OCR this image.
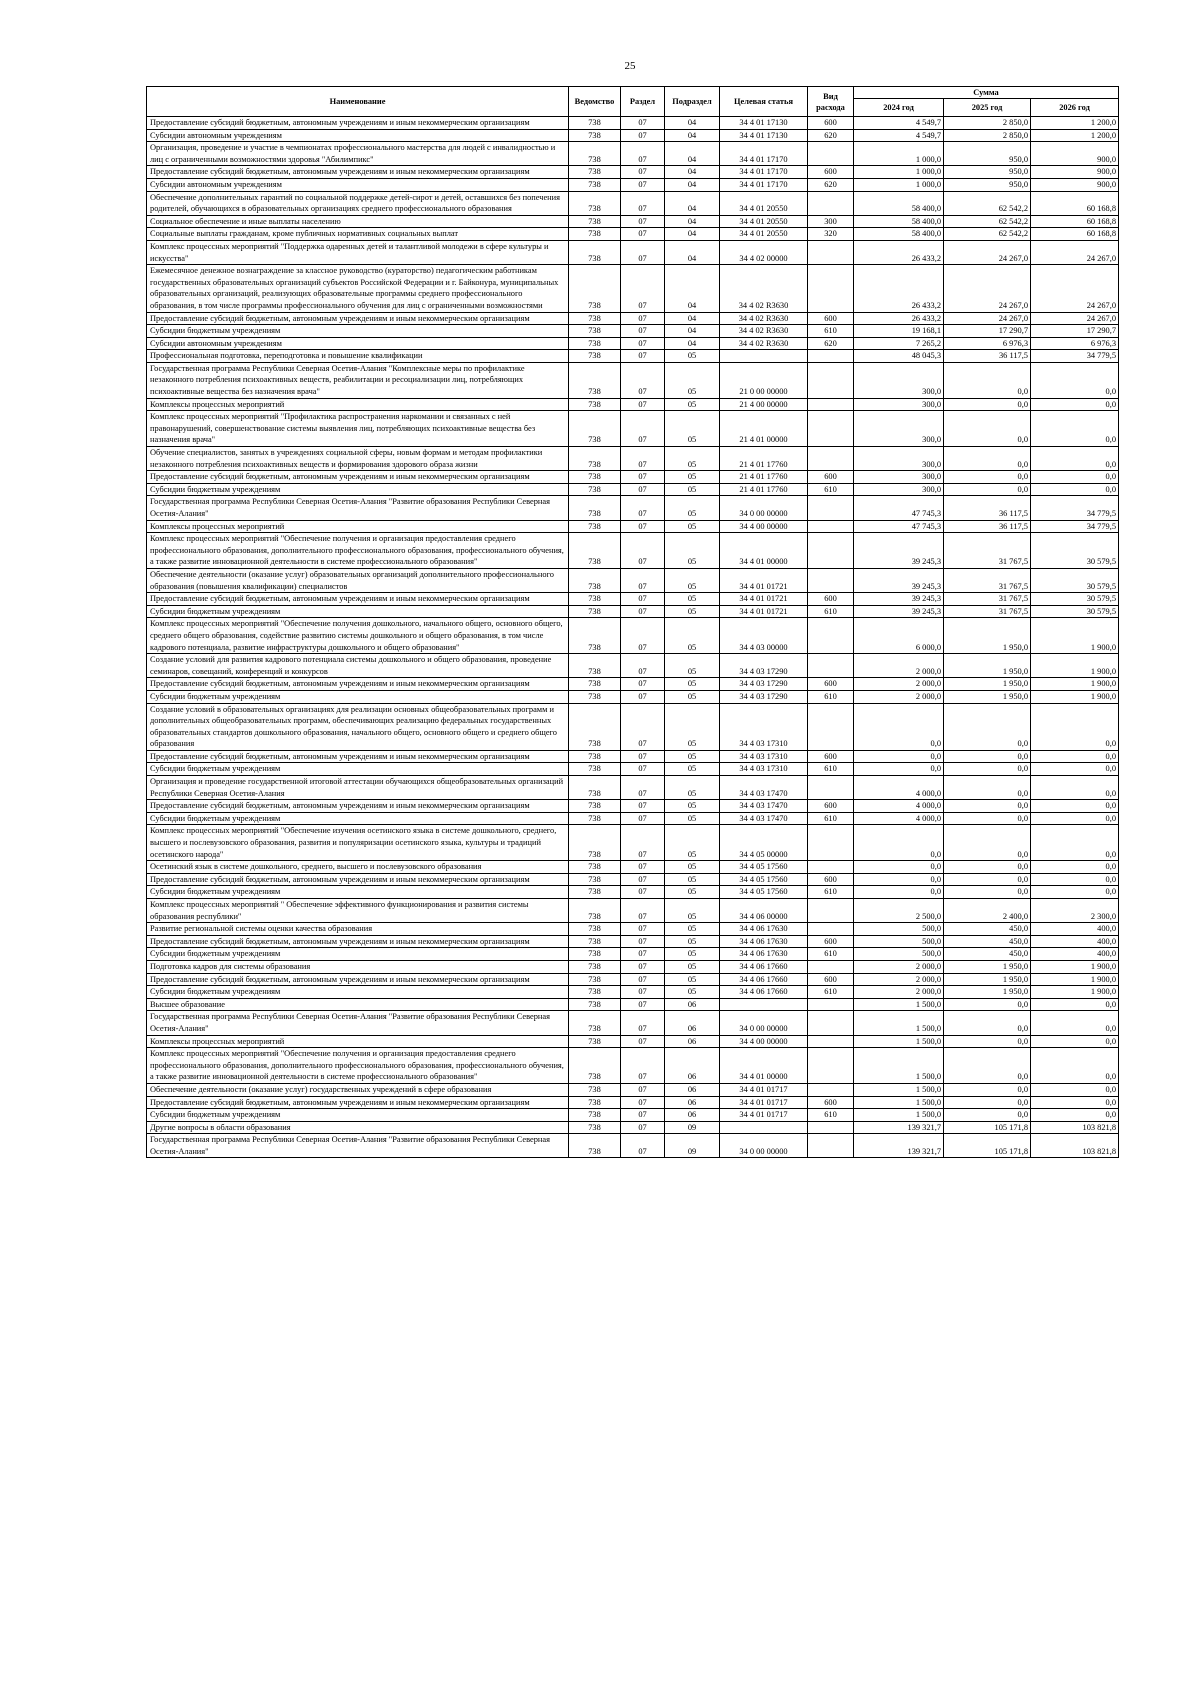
25
Наименование	Ведомство	Раздел	Подраздел	Целевая статья	Вид расхода	Сумма		
						2024 год	2025 год	2026 год
Предоставление субсидий бюджетным, автономным учреждениям и иным некоммерческим организациям	738	07	04	34 4 01 17130	600	4 549,7	2 850,0	1 200,0
Субсидии автономным учреждениям	738	07	04	34 4 01 17130	620	4 549,7	2 850,0	1 200,0
Организация, проведение и участие в чемпионатах профессионального мастерства для людей с инвалидностью и лиц с ограниченными возможностями здоровья "Абилимпикс"	738	07	04	34 4 01 17170		1 000,0	950,0	900,0
Предоставление субсидий бюджетным, автономным учреждениям и иным некоммерческим организациям	738	07	04	34 4 01 17170	600	1 000,0	950,0	900,0
Субсидии автономным учреждениям	738	07	04	34 4 01 17170	620	1 000,0	950,0	900,0
Обеспечение дополнительных гарантий по социальной поддержке детей-сирот и детей, оставшихся без попечения родителей, обучающихся в образовательных организациях среднего профессионального образования	738	07	04	34 4 01 20550		58 400,0	62 542,2	60 168,8
Социальное обеспечение и иные выплаты населению	738	07	04	34 4 01 20550	300	58 400,0	62 542,2	60 168,8
Социальные выплаты гражданам, кроме публичных нормативных социальных выплат	738	07	04	34 4 01 20550	320	58 400,0	62 542,2	60 168,8
Комплекс процессных мероприятий "Поддержка одаренных детей и талантливой молодежи в сфере культуры и искусства"	738	07	04	34 4 02 00000		26 433,2	24 267,0	24 267,0
Ежемесячное денежное вознаграждение за классное руководство (кураторство) педагогическим работникам государственных образовательных организаций субъектов Российской Федерации и г. Байконура, муниципальных образовательных организаций, реализующих образовательные программы среднего профессионального образования, в том числе программы профессионального обучения для лиц с ограниченными возможностями	738	07	04	34 4 02 R3630		26 433,2	24 267,0	24 267,0
Предоставление субсидий бюджетным, автономным учреждениям и иным некоммерческим организациям	738	07	04	34 4 02 R3630	600	26 433,2	24 267,0	24 267,0
Субсидии бюджетным учреждениям	738	07	04	34 4 02 R3630	610	19 168,1	17 290,7	17 290,7
Субсидии автономным учреждениям	738	07	04	34 4 02 R3630	620	7 265,2	6 976,3	6 976,3
Профессиональная подготовка, переподготовка и повышение квалификации	738	07	05			48 045,3	36 117,5	34 779,5
Государственная программа Республики Северная Осетия-Алания "Комплексные меры по профилактике незаконного потребления психоактивных веществ, реабилитации и ресоциализации лиц, потребляющих психоактивные вещества без назначения врача"	738	07	05	21 0 00 00000		300,0	0,0	0,0
Комплексы процессных мероприятий	738	07	05	21 4 00 00000		300,0	0,0	0,0
Комплекс процессных мероприятий "Профилактика распространения наркомании и связанных с ней правонарушений, совершенствование системы выявления лиц, потребляющих психоактивные вещества без назначения врача"	738	07	05	21 4 01 00000		300,0	0,0	0,0
Обучение специалистов, занятых в учреждениях социальной сферы, новым формам и методам профилактики незаконного потребления психоактивных веществ и формирования здорового образа жизни	738	07	05	21 4 01 17760		300,0	0,0	0,0
Предоставление субсидий бюджетным, автономным учреждениям и иным некоммерческим организациям	738	07	05	21 4 01 17760	600	300,0	0,0	0,0
Субсидии бюджетным учреждениям	738	07	05	21 4 01 17760	610	300,0	0,0	0,0
Государственная программа Республики Северная Осетия-Алания "Развитие образования Республики Северная Осетия-Алания"	738	07	05	34 0 00 00000		47 745,3	36 117,5	34 779,5
Комплексы процессных мероприятий	738	07	05	34 4 00 00000		47 745,3	36 117,5	34 779,5
Комплекс процессных мероприятий "Обеспечение получения и организация предоставления среднего профессионального образования, дополнительного профессионального образования, профессионального обучения, а также развитие инновационной деятельности в системе профессионального образования"	738	07	05	34 4 01 00000		39 245,3	31 767,5	30 579,5
Обеспечение деятельности (оказание услуг) образовательных организаций дополнительного профессионального образования (повышения квалификации) специалистов	738	07	05	34 4 01 01721		39 245,3	31 767,5	30 579,5
Предоставление субсидий бюджетным, автономным учреждениям и иным некоммерческим организациям	738	07	05	34 4 01 01721	600	39 245,3	31 767,5	30 579,5
Субсидии бюджетным учреждениям	738	07	05	34 4 01 01721	610	39 245,3	31 767,5	30 579,5
Комплекс процессных мероприятий "Обеспечение получения дошкольного, начального общего, основного общего, среднего общего образования, содействие развитию системы дошкольного и общего образования, в том числе кадрового потенциала, развитие инфраструктуры дошкольного и общего образования"	738	07	05	34 4 03 00000		6 000,0	1 950,0	1 900,0
Создание условий для развития кадрового потенциала системы дошкольного и общего образования, проведение семинаров, совещаний, конференций и конкурсов	738	07	05	34 4 03 17290		2 000,0	1 950,0	1 900,0
Предоставление субсидий бюджетным, автономным учреждениям и иным некоммерческим организациям	738	07	05	34 4 03 17290	600	2 000,0	1 950,0	1 900,0
Субсидии бюджетным учреждениям	738	07	05	34 4 03 17290	610	2 000,0	1 950,0	1 900,0
Создание условий в образовательных организациях для реализации основных общеобразовательных программ и дополнительных общеобразовательных программ, обеспечивающих реализацию федеральных государственных образовательных стандартов дошкольного образования, начального общего, основного общего и среднего общего образования	738	07	05	34 4 03 17310		0,0	0,0	0,0
Предоставление субсидий бюджетным, автономным учреждениям и иным некоммерческим организациям	738	07	05	34 4 03 17310	600	0,0	0,0	0,0
Субсидии бюджетным учреждениям	738	07	05	34 4 03 17310	610	0,0	0,0	0,0
Организация и проведение государственной итоговой аттестации обучающихся общеобразовательных организаций Республики Северная Осетия-Алания	738	07	05	34 4 03 17470		4 000,0	0,0	0,0
Предоставление субсидий бюджетным, автономным учреждениям и иным некоммерческим организациям	738	07	05	34 4 03 17470	600	4 000,0	0,0	0,0
Субсидии бюджетным учреждениям	738	07	05	34 4 03 17470	610	4 000,0	0,0	0,0
Комплекс процессных мероприятий "Обеспечение изучения осетинского языка в системе дошкольного, среднего, высшего и послевузовского образования, развития и популяризации осетинского языка, культуры и традиций осетинского народа"	738	07	05	34 4 05 00000		0,0	0,0	0,0
Осетинский язык в системе дошкольного, среднего, высшего и послевузовского образования	738	07	05	34 4 05 17560		0,0	0,0	0,0
Предоставление субсидий бюджетным, автономным учреждениям и иным некоммерческим организациям	738	07	05	34 4 05 17560	600	0,0	0,0	0,0
Субсидии бюджетным учреждениям	738	07	05	34 4 05 17560	610	0,0	0,0	0,0
Комплекс процессных мероприятий " Обеспечение эффективного функционирования и развития системы образования республики"	738	07	05	34 4 06 00000		2 500,0	2 400,0	2 300,0
Развитие региональной системы оценки качества образования	738	07	05	34 4 06 17630		500,0	450,0	400,0
Предоставление субсидий бюджетным, автономным учреждениям и иным некоммерческим организациям	738	07	05	34 4 06 17630	600	500,0	450,0	400,0
Субсидии бюджетным учреждениям	738	07	05	34 4 06 17630	610	500,0	450,0	400,0
Подготовка кадров для системы образования	738	07	05	34 4 06 17660		2 000,0	1 950,0	1 900,0
Предоставление субсидий бюджетным, автономным учреждениям и иным некоммерческим организациям	738	07	05	34 4 06 17660	600	2 000,0	1 950,0	1 900,0
Субсидии бюджетным учреждениям	738	07	05	34 4 06 17660	610	2 000,0	1 950,0	1 900,0
Высшее образование	738	07	06			1 500,0	0,0	0,0
Государственная программа Республики Северная Осетия-Алания "Развитие образования Республики Северная Осетия-Алания"	738	07	06	34 0 00 00000		1 500,0	0,0	0,0
Комплексы процессных мероприятий	738	07	06	34 4 00 00000		1 500,0	0,0	0,0
Комплекс процессных мероприятий "Обеспечение получения и организация предоставления среднего профессионального образования, дополнительного профессионального образования, профессионального обучения, а также развитие инновационной деятельности в системе профессионального образования"	738	07	06	34 4 01 00000		1 500,0	0,0	0,0
Обеспечение деятельности (оказание услуг) государственных учреждений в сфере образования	738	07	06	34 4 01 01717		1 500,0	0,0	0,0
Предоставление субсидий бюджетным, автономным учреждениям и иным некоммерческим организациям	738	07	06	34 4 01 01717	600	1 500,0	0,0	0,0
Субсидии бюджетным учреждениям	738	07	06	34 4 01 01717	610	1 500,0	0,0	0,0
Другие вопросы в области образования	738	07	09			139 321,7	105 171,8	103 821,8
Государственная программа Республики Северная Осетия-Алания "Развитие образования Республики Северная Осетия-Алания"	738	07	09	34 0 00 00000		139 321,7	105 171,8	103 821,8
